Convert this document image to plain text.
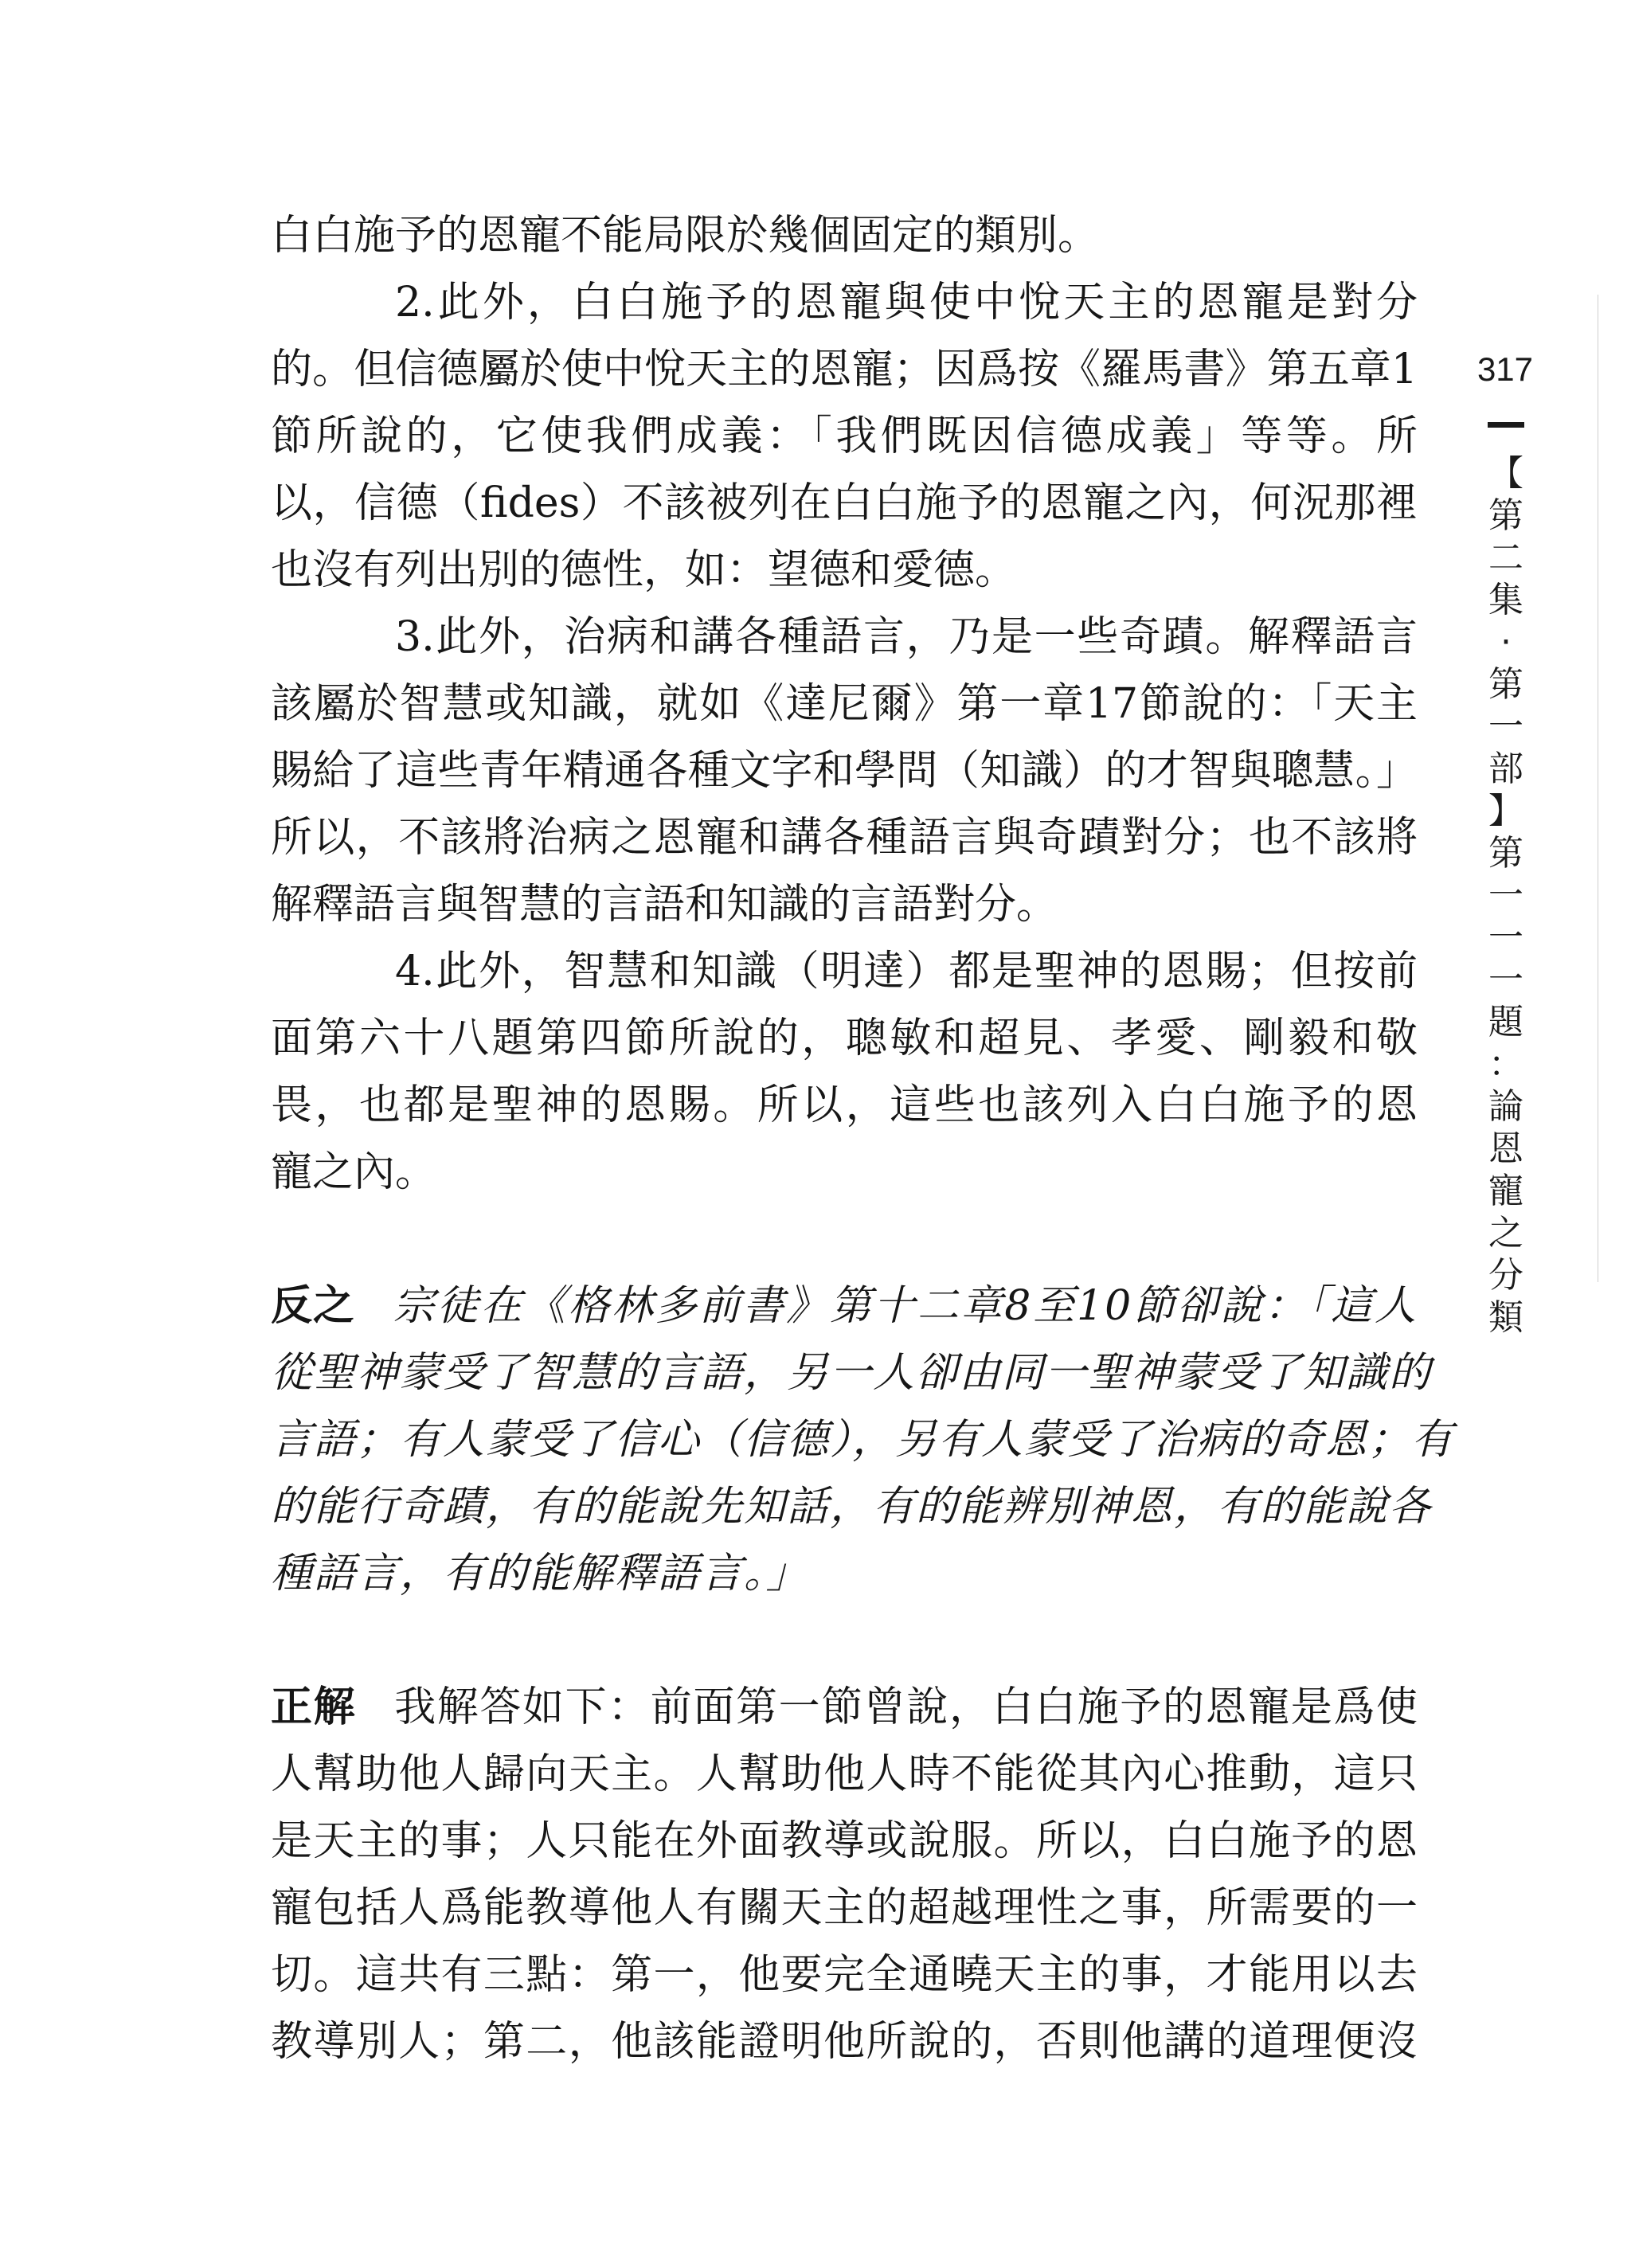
白白施予的恩寵不能局限於幾個固定的類別。
2.此外，白白施予的恩寵與使中悅天主的恩寵是對分
的。但信德屬於使中悅天主的恩寵；因爲按《羅馬書》第五章1
節所說的，它使我們成義：「我們既因信德成義」等等。所
以，信德（fides）不該被列在白白施予的恩寵之內，何況那裡
也沒有列出別的德性，如：望德和愛德。
3.此外，治病和講各種語言，乃是一些奇蹟。解釋語言
該屬於智慧或知識，就如《達尼爾》第一章17節說的：「天主
賜給了這些青年精通各種文字和學問（知識）的才智與聰慧。」
所以，不該將治病之恩寵和講各種語言與奇蹟對分；也不該將
解釋語言與智慧的言語和知識的言語對分。
4.此外，智慧和知識（明達）都是聖神的恩賜；但按前
面第六十八題第四節所說的，聰敏和超見、孝愛、剛毅和敬
畏，也都是聖神的恩賜。所以，這些也該列入白白施予的恩
寵之內。
反之 宗徒在《格林多前書》第十二章8至10節卻說：「這人
從聖神蒙受了智慧的言語，另一人卻由同一聖神蒙受了知識的
言語；有人蒙受了信心（信德），另有人蒙受了治病的奇恩；有
的能行奇蹟，有的能說先知話，有的能辨別神恩，有的能說各
種語言，有的能解釋語言。」
正解 我解答如下：前面第一節曾說，白白施予的恩寵是爲使
人幫助他人歸向天主。人幫助他人時不能從其內心推動，這只
是天主的事；人只能在外面教導或說服。所以，白白施予的恩
寵包括人爲能教導他人有關天主的超越理性之事，所需要的一
切。這共有三點：第一，他要完全通曉天主的事，才能用以去
教導別人；第二，他該能證明他所說的，否則他講的道理便沒
317
【
第
二
集
·
第
一
部
】
第
一
一
一
題
：
論
恩
寵
之
分
類
